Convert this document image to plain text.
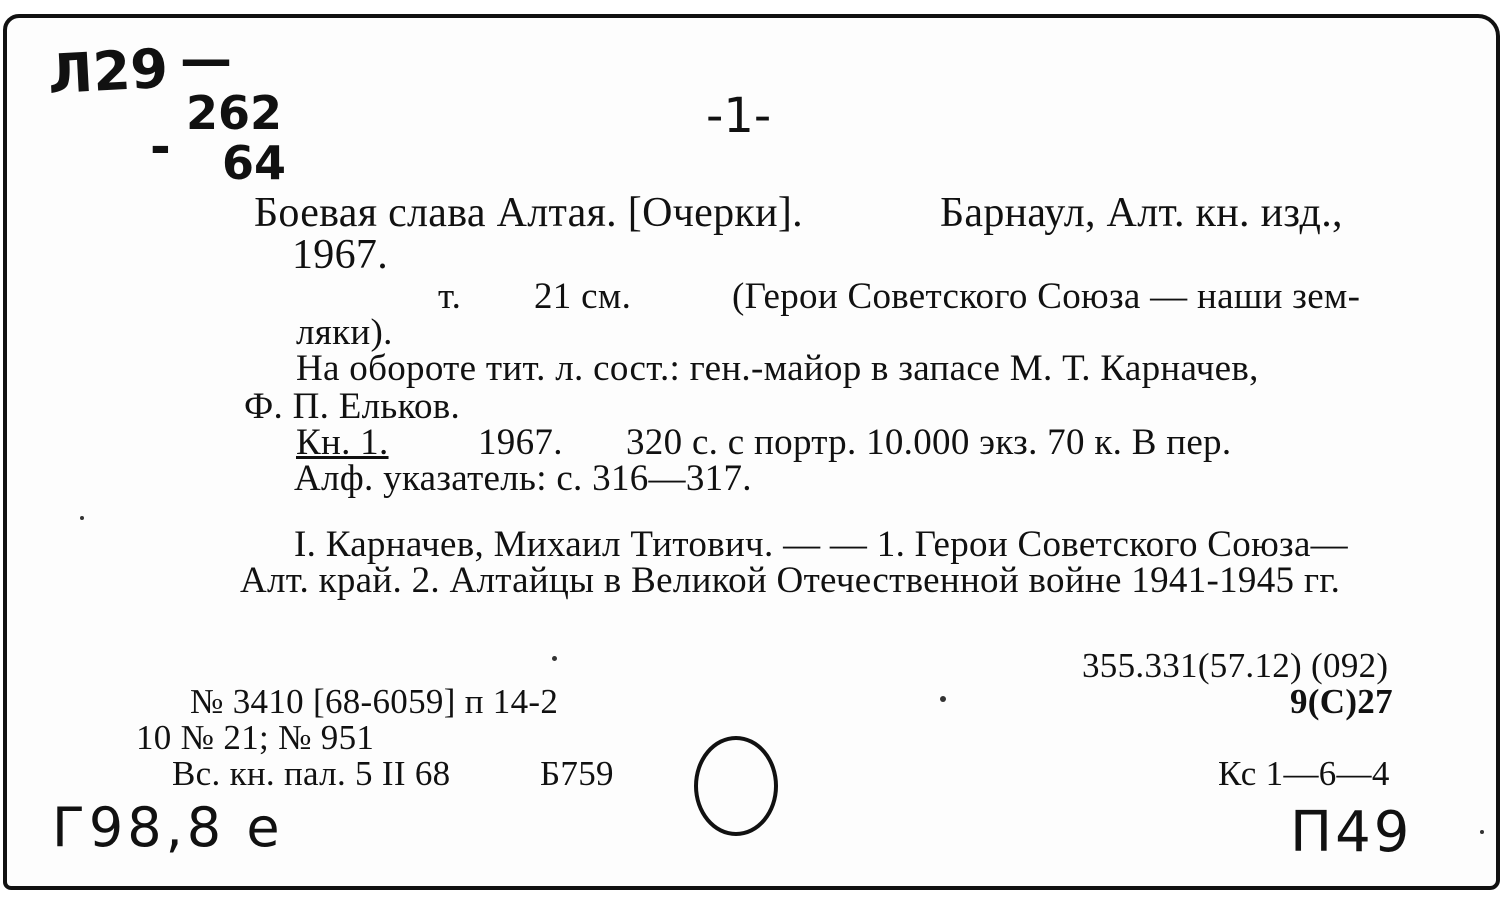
Л29 —
262
- 64
-1-
Боевая слава Алтая. [Очерки].	Барнаул, Алт. кн. изд.,
1967.
т. 21 см.	(Герои Советского Союза — наши зем-
ляки).
На обороте тит. л. сост.: ген.-майор в запасе М. Т. Карначев,
Ф. П. Ельков.
Кн. 1. 1967. 320 с. с портр. 10.000 экз. 70 к. В пер.
Алф. указатель: с. 316—317.
I. Карначев, Михаил Титович. — — 1. Герои Советского Союза—
Алт. край. 2. Алтайцы в Великой Отечественной войне 1941-1945 гг.
355.331(57.12) (092)
9(С)27
Кс 1—6—4
№ 3410 [68-6059] п 14-2
10 № 21; № 951
Вс. кн. пал. 5 II 68	Б759
Г98,8 e	П49
